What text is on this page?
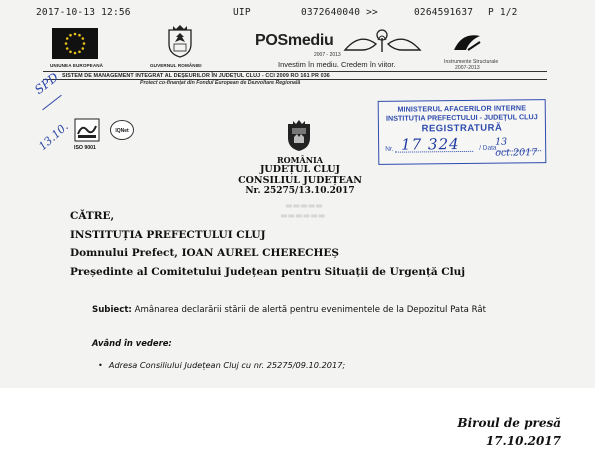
2017-10-13 12:56	UIP	0372640040 >>	0264591637 P 1/2
UNIUNEA EUROPEANĂ	GUVERNUL ROMÂNIEI
POSmediu
2007 - 2013
Investim în mediu. Credem în viitor.	Instrumente Structurale
2007-2013
SISTEM DE MANAGEMENT INTEGRAT AL DEȘEURILOR ÎN JUDEȚUL CLUJ - CCI 2009 RO 161 PR 036
Proiect co-finanțat din Fondul European de Dezvoltare Regională
SPD
13.10.	IQNet
ISO 9001
ROMÂNIA
JUDEȚUL CLUJ
CONSILIUL JUDEȚEAN
Nr. 25275/13.10.2017
▬▬▬▬▬
▬▬▬▬▬▬
MINISTERUL AFACERILOR INTERNE
INSTITUȚIA PREFECTULUI - JUDEȚUL CLUJ
REGISTRATURĂ
Nr. 17 324	/ Data
13 oct.2017
CĂTRE,
INSTITUȚIA PREFECTULUI CLUJ
Domnului Prefect, IOAN AUREL CHERECHEȘ
Președinte al Comitetului Județean pentru Situații de Urgență Cluj
Subiect: Amânarea declarării stării de alertă pentru evenimentele de la Depozitul Pata Rât
Având în vedere:
• Adresa Consiliului Județean Cluj cu nr. 25275/09.10.2017;
Biroul de presă
17.10.2017
